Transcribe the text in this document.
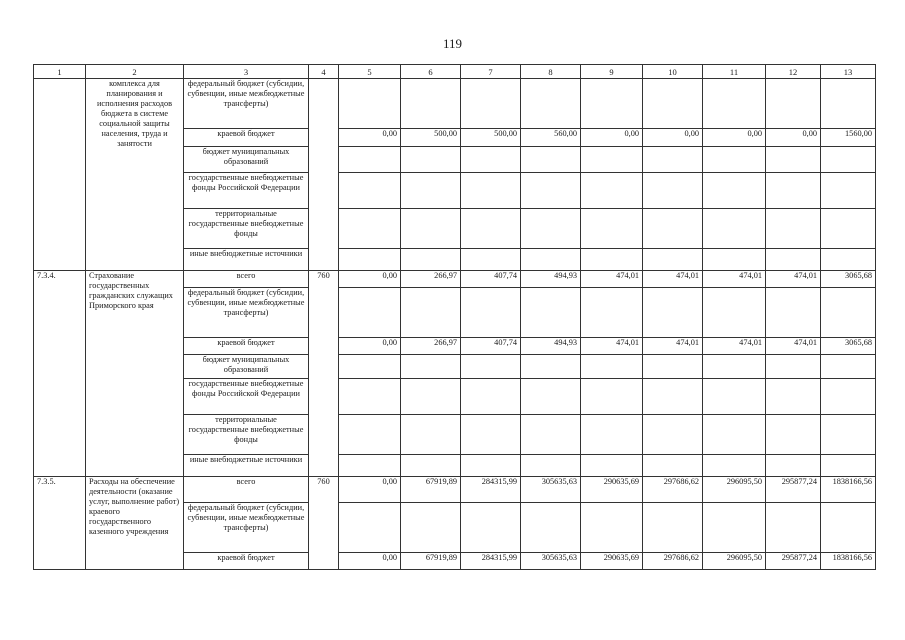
119
1	2	3	4	5	6	7	8	9	10	11	12	13
	комплекса для планирования и исполнения расходов бюджета в системе социальной защиты населения, труда и занятости	федеральный бюджет (субсидии, субвенции, иные межбюджетные трансферты)										
		краевой бюджет		0,00	500,00	500,00	560,00	0,00	0,00	0,00	0,00	1560,00
		бюджет муниципальных образований										
		государственные внебюджетные фонды Российской Федерации										
		территориальные государственные внебюджетные фонды										
		иные внебюджетные источники										
7.3.4.	Страхование государственных гражданских служащих Приморского края	всего	760	0,00	266,97	407,74	494,93	474,01	474,01	474,01	474,01	3065,68
		федеральный бюджет (субсидии, субвенции, иные межбюджетные трансферты)										
		краевой бюджет		0,00	266,97	407,74	494,93	474,01	474,01	474,01	474,01	3065,68
		бюджет муниципальных образований										
		государственные внебюджетные фонды Российской Федерации										
		территориальные государственные внебюджетные фонды										
		иные внебюджетные источники										
7.3.5.	Расходы на обеспечение деятельности (оказание услуг, выполнение работ) краевого государственного казенного учреждения	всего	760	0,00	67919,89	284315,99	305635,63	290635,69	297686,62	296095,50	295877,24	1838166,56
		федеральный бюджет (субсидии, субвенции, иные межбюджетные трансферты)										
		краевой бюджет		0,00	67919,89	284315,99	305635,63	290635,69	297686,62	296095,50	295877,24	1838166,56
